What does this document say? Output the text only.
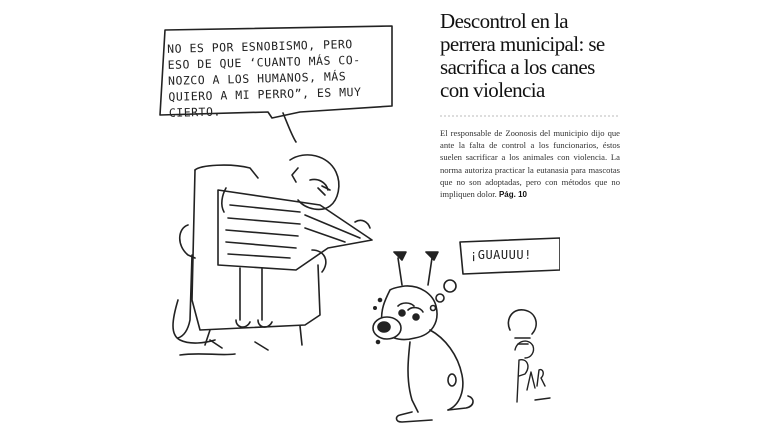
NO ES POR ESNOBISMO, PERO
ESO DE QUE ‘CUANTO MÁS CO-
NOZCO A LOS HUMANOS, MÁS
QUIERO A MI PERRO”, ES MUY
CIERTO.
¡GUAUUU!
Descontrol en la perrera municipal: se sacrifica a los canes con violencia

El responsable de Zoonosis del municipio dijo que ante la falta de control a los funcionarios, éstos suelen sacrificar a los animales con violencia. La norma autoriza practicar la eutanasia para mascotas que no son adoptadas, pero con métodos que no impliquen dolor. Pág. 10
